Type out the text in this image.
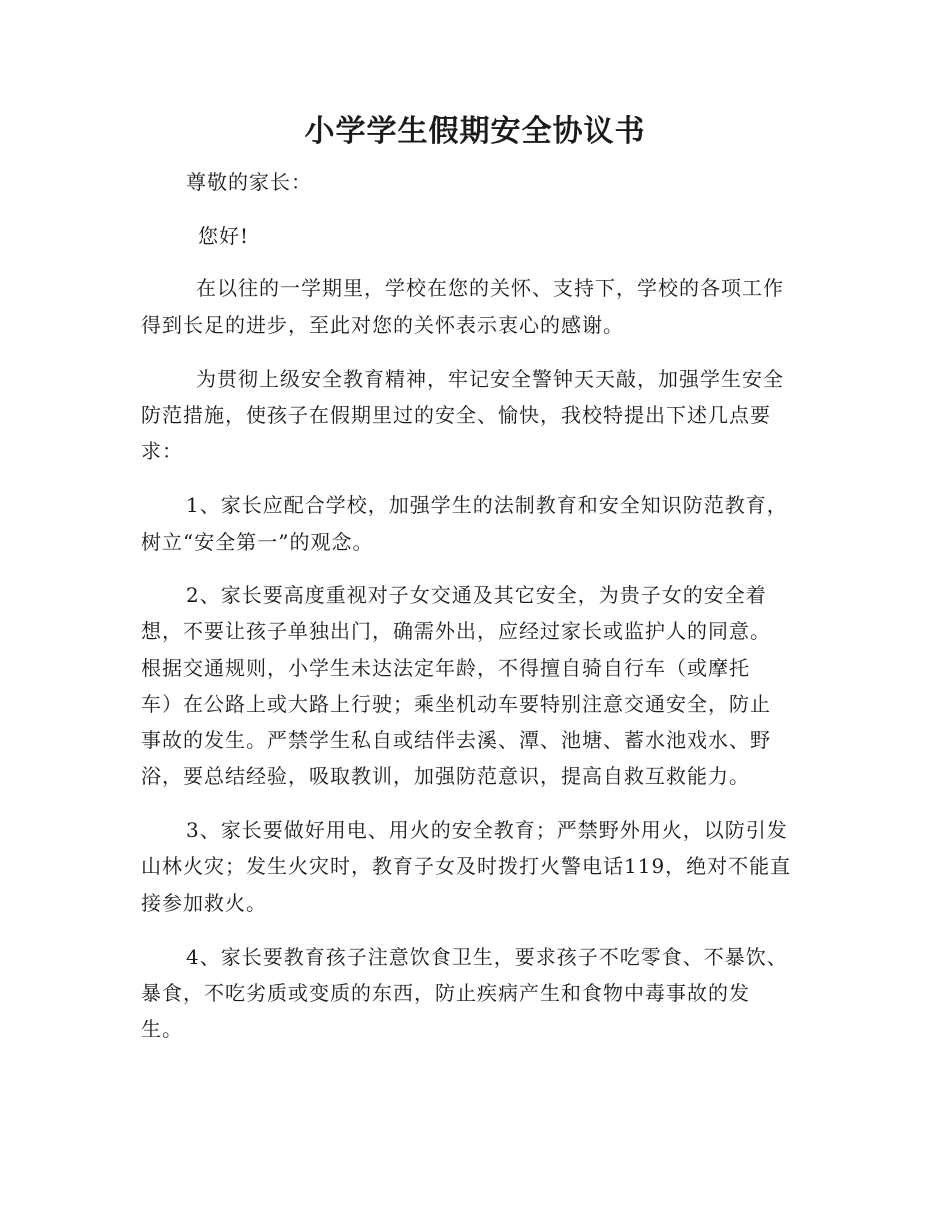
小学学生假期安全协议书

尊敬的家长：

您好!

在以往的一学期里，学校在您的关怀、支持下，学校的各项工作

得到长足的进步，至此对您的关怀表示衷心的感谢。

为贯彻上级安全教育精神，牢记安全警钟天天敲，加强学生安全

防范措施，使孩子在假期里过的安全、愉快，我校特提出下述几点要

求：

1、家长应配合学校，加强学生的法制教育和安全知识防范教育，

树立“安全第一”的观念。

2、家长要高度重视对子女交通及其它安全，为贵子女的安全着

想，不要让孩子单独出门，确需外出，应经过家长或监护人的同意。

根据交通规则，小学生未达法定年龄，不得擅自骑自行车（或摩托

车）在公路上或大路上行驶；乘坐机动车要特别注意交通安全，防止

事故的发生。严禁学生私自或结伴去溪、潭、池塘、蓄水池戏水、野

浴，要总结经验，吸取教训，加强防范意识，提高自救互救能力。

3、家长要做好用电、用火的安全教育；严禁野外用火，以防引发

山林火灾；发生火灾时，教育子女及时拨打火警电话119，绝对不能直

接参加救火。

4、家长要教育孩子注意饮食卫生，要求孩子不吃零食、不暴饮、

暴食，不吃劣质或变质的东西，防止疾病产生和食物中毒事故的发

生。
